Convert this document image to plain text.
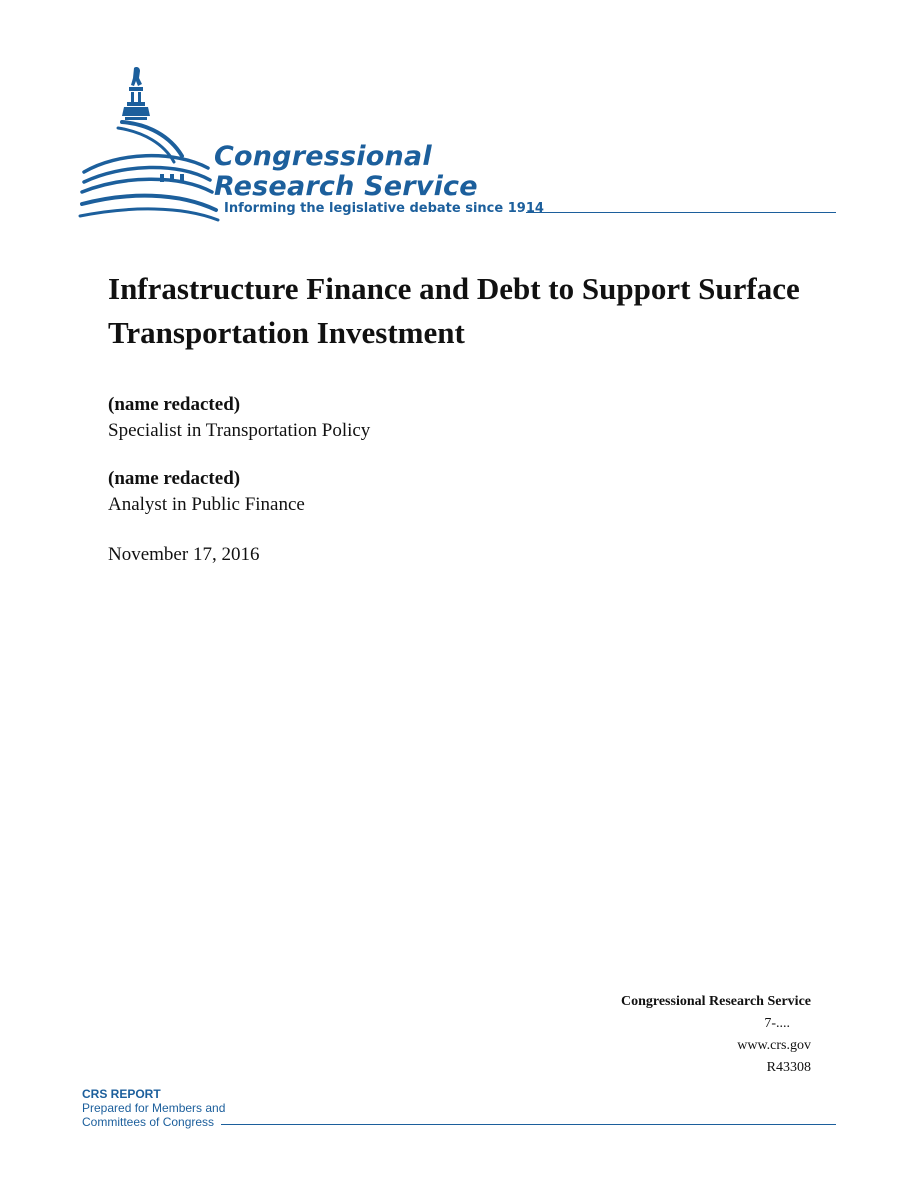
Congressional
Research Service
Informing the legislative debate since 1914
Infrastructure Finance and Debt to Support Surface Transportation Investment
(name redacted)
Specialist in Transportation Policy
(name redacted)
Analyst in Public Finance
November 17, 2016
Congressional Research Service
7-....
www.crs.gov
R43308
CRS REPORT
Prepared for Members and
Committees of Congress
